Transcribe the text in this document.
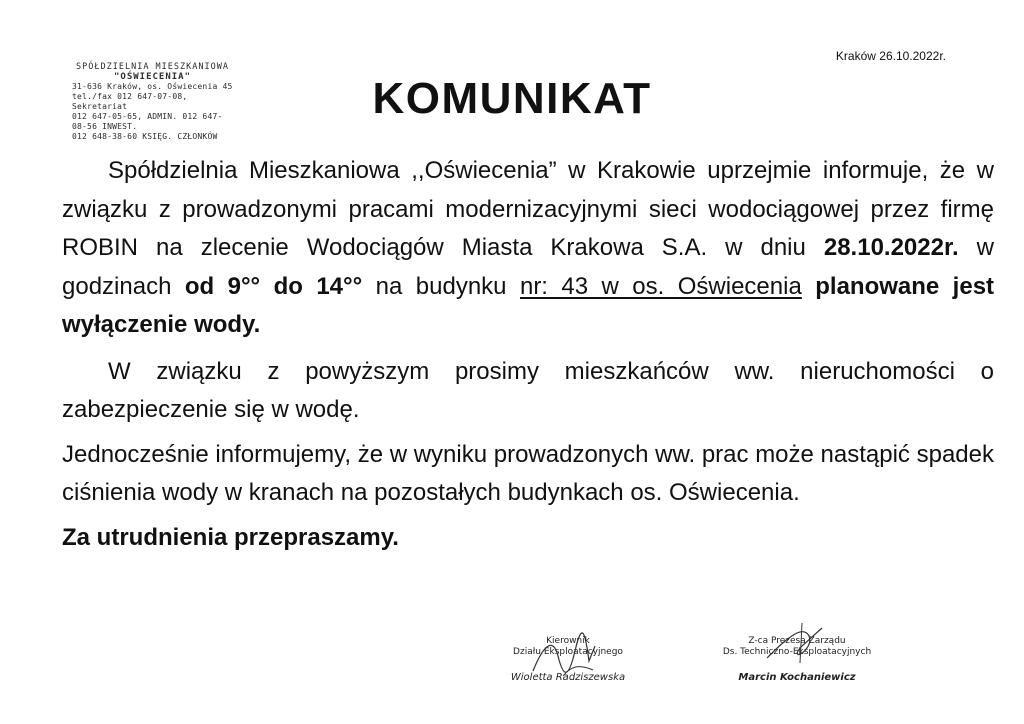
SPÓŁDZIELNIA MIESZKANIOWA
"OŚWIECENIA"
31-636 Kraków, os. Oświecenia 45
tel./fax 012 647-07-08, Sekretariat
012 647-05-65, ADMIN. 012 647-08-56 INWEST.
012 648-38-60 KSIĘG. CZŁONKÓW
Kraków 26.10.2022r.
KOMUNIKAT

Spółdzielnia Mieszkaniowa ,,Oświecenia” w Krakowie uprzejmie informuje, że w związku z prowadzonymi pracami modernizacyjnymi sieci wodociągowej przez firmę ROBIN na zlecenie Wodociągów Miasta Krakowa S.A. w dniu 28.10.2022r. w godzinach od 9°° do 14°° na budynku nr: 43 w os. Oświecenia planowane jest wyłączenie wody.

W związku z powyższym prosimy mieszkańców ww. nieruchomości o zabezpieczenie się w wodę.

Jednocześnie informujemy, że w wyniku prowadzonych ww. prac może nastąpić spadek ciśnienia wody w kranach na pozostałych budynkach os. Oświecenia.

Za utrudnienia przepraszamy.

Kierownik
Działu Eksploatacyjnego
Wioletta Radziszewska
Z-ca Prezesa Zarządu
Ds. Techniczno-Eksploatacyjnych
Marcin Kochaniewicz
